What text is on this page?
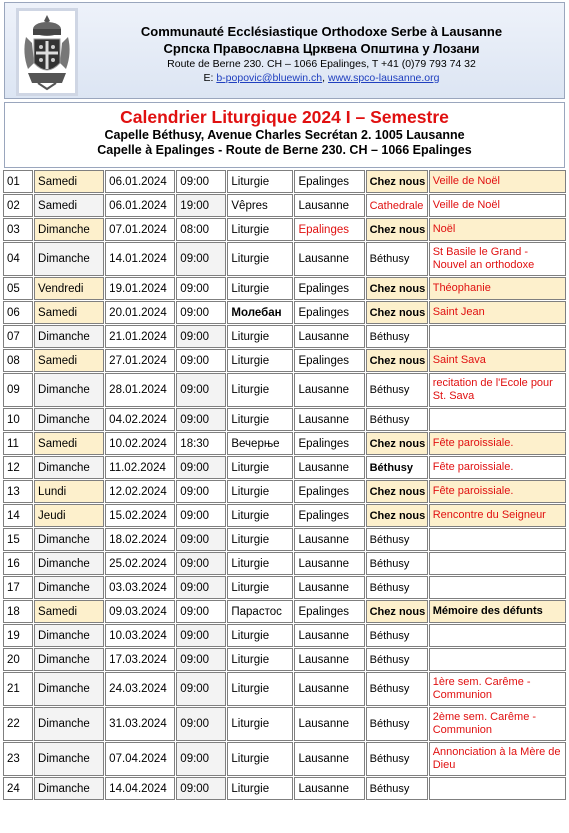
Communauté Ecclésiastique Orthodoxe Serbe à Lausanne
Српска Православна Црквена Општина у Лозани
Route de Berne 230. CH – 1066 Epalinges, T +41 (0)79 793 74 32
E: b-popovic@bluewin.ch, www.spco-lausanne.org
Calendrier Liturgique 2024 I – Semestre
Capelle Béthusy, Avenue Charles Secrétan 2. 1005 Lausanne
Capelle à Epalinges - Route de Berne 230. CH – 1066 Epalinges
01	Samedi	06.01.2024	09:00	Liturgie	Epalinges	Chez nous	Veille de Noël
02	Samedi	06.01.2024	19:00	Vêpres	Lausanne	Cathedrale	Veille de Noël
03	Dimanche	07.01.2024	08:00	Liturgie	Epalinges	Chez nous	Noël
04	Dimanche	14.01.2024	09:00	Liturgie	Lausanne	Béthusy	St Basile le Grand - Nouvel an orthodoxe
05	Vendredi	19.01.2024	09:00	Liturgie	Epalinges	Chez nous	Théophanie
06	Samedi	20.01.2024	09:00	Молебан	Epalinges	Chez nous	Saint Jean
07	Dimanche	21.01.2024	09:00	Liturgie	Lausanne	Béthusy	
08	Samedi	27.01.2024	09:00	Liturgie	Epalinges	Chez nous	Saint Sava
09	Dimanche	28.01.2024	09:00	Liturgie	Lausanne	Béthusy	recitation de l'Ecole pour St. Sava
10	Dimanche	04.02.2024	09:00	Liturgie	Lausanne	Béthusy	
11	Samedi	10.02.2024	18:30	Вечерње	Epalinges	Chez nous	Fête paroissiale.
12	Dimanche	11.02.2024	09:00	Liturgie	Lausanne	Béthusy	Fête paroissiale.
13	Lundi	12.02.2024	09:00	Liturgie	Epalinges	Chez nous	Fête paroissiale.
14	Jeudi	15.02.2024	09:00	Liturgie	Epalinges	Chez nous	Rencontre du Seigneur
15	Dimanche	18.02.2024	09:00	Liturgie	Lausanne	Béthusy	
16	Dimanche	25.02.2024	09:00	Liturgie	Lausanne	Béthusy	
17	Dimanche	03.03.2024	09:00	Liturgie	Lausanne	Béthusy	
18	Samedi	09.03.2024	09:00	Парастос	Epalinges	Chez nous	Mémoire des défunts
19	Dimanche	10.03.2024	09:00	Liturgie	Lausanne	Béthusy	
20	Dimanche	17.03.2024	09:00	Liturgie	Lausanne	Béthusy	
21	Dimanche	24.03.2024	09:00	Liturgie	Lausanne	Béthusy	1ère sem. Carême - Communion
22	Dimanche	31.03.2024	09:00	Liturgie	Lausanne	Béthusy	2ème sem. Carême - Communion
23	Dimanche	07.04.2024	09:00	Liturgie	Lausanne	Béthusy	Annonciation à la Mère de Dieu
24	Dimanche	14.04.2024	09:00	Liturgie	Lausanne	Béthusy	
